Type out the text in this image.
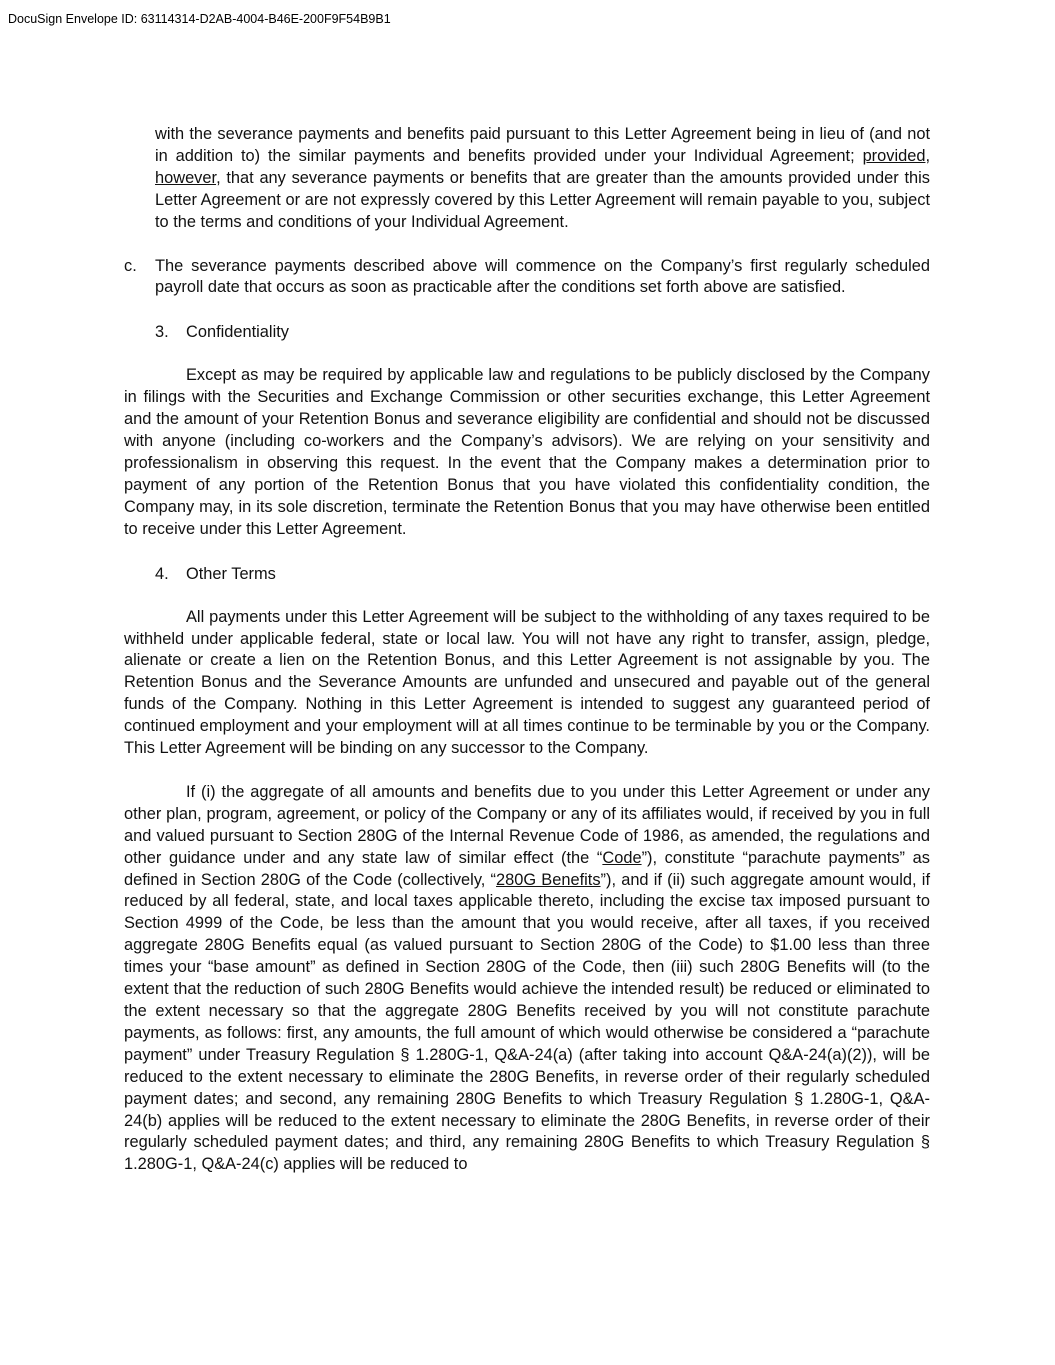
DocuSign Envelope ID: 63114314-D2AB-4004-B46E-200F9F54B9B1

with the severance payments and benefits paid pursuant to this Letter Agreement being in lieu of (and not in addition to) the similar payments and benefits provided under your Individual Agreement; provided, however, that any severance payments or benefits that are greater than the amounts provided under this Letter Agreement or are not expressly covered by this Letter Agreement will remain payable to you, subject to the terms and conditions of your Individual Agreement.

c. The severance payments described above will commence on the Company’s first regularly scheduled payroll date that occurs as soon as practicable after the conditions set forth above are satisfied.

3. Confidentiality

Except as may be required by applicable law and regulations to be publicly disclosed by the Company in filings with the Securities and Exchange Commission or other securities exchange, this Letter Agreement and the amount of your Retention Bonus and severance eligibility are confidential and should not be discussed with anyone (including co-workers and the Company’s advisors). We are relying on your sensitivity and professionalism in observing this request. In the event that the Company makes a determination prior to payment of any portion of the Retention Bonus that you have violated this confidentiality condition, the Company may, in its sole discretion, terminate the Retention Bonus that you may have otherwise been entitled to receive under this Letter Agreement.

4. Other Terms

All payments under this Letter Agreement will be subject to the withholding of any taxes required to be withheld under applicable federal, state or local law. You will not have any right to transfer, assign, pledge, alienate or create a lien on the Retention Bonus, and this Letter Agreement is not assignable by you. The Retention Bonus and the Severance Amounts are unfunded and unsecured and payable out of the general funds of the Company. Nothing in this Letter Agreement is intended to suggest any guaranteed period of continued employment and your employment will at all times continue to be terminable by you or the Company. This Letter Agreement will be binding on any successor to the Company.

If (i) the aggregate of all amounts and benefits due to you under this Letter Agreement or under any other plan, program, agreement, or policy of the Company or any of its affiliates would, if received by you in full and valued pursuant to Section 280G of the Internal Revenue Code of 1986, as amended, the regulations and other guidance under and any state law of similar effect (the “Code”), constitute “parachute payments” as defined in Section 280G of the Code (collectively, “280G Benefits”), and if (ii) such aggregate amount would, if reduced by all federal, state, and local taxes applicable thereto, including the excise tax imposed pursuant to Section 4999 of the Code, be less than the amount that you would receive, after all taxes, if you received aggregate 280G Benefits equal (as valued pursuant to Section 280G of the Code) to $1.00 less than three times your “base amount” as defined in Section 280G of the Code, then (iii) such 280G Benefits will (to the extent that the reduction of such 280G Benefits would achieve the intended result) be reduced or eliminated to the extent necessary so that the aggregate 280G Benefits received by you will not constitute parachute payments, as follows: first, any amounts, the full amount of which would otherwise be considered a “parachute payment” under Treasury Regulation § 1.280G-1, Q&A-24(a) (after taking into account Q&A-24(a)(2)), will be reduced to the extent necessary to eliminate the 280G Benefits, in reverse order of their regularly scheduled payment dates; and second, any remaining 280G Benefits to which Treasury Regulation § 1.280G-1, Q&A-24(b) applies will be reduced to the extent necessary to eliminate the 280G Benefits, in reverse order of their regularly scheduled payment dates; and third, any remaining 280G Benefits to which Treasury Regulation § 1.280G-1, Q&A-24(c) applies will be reduced to
